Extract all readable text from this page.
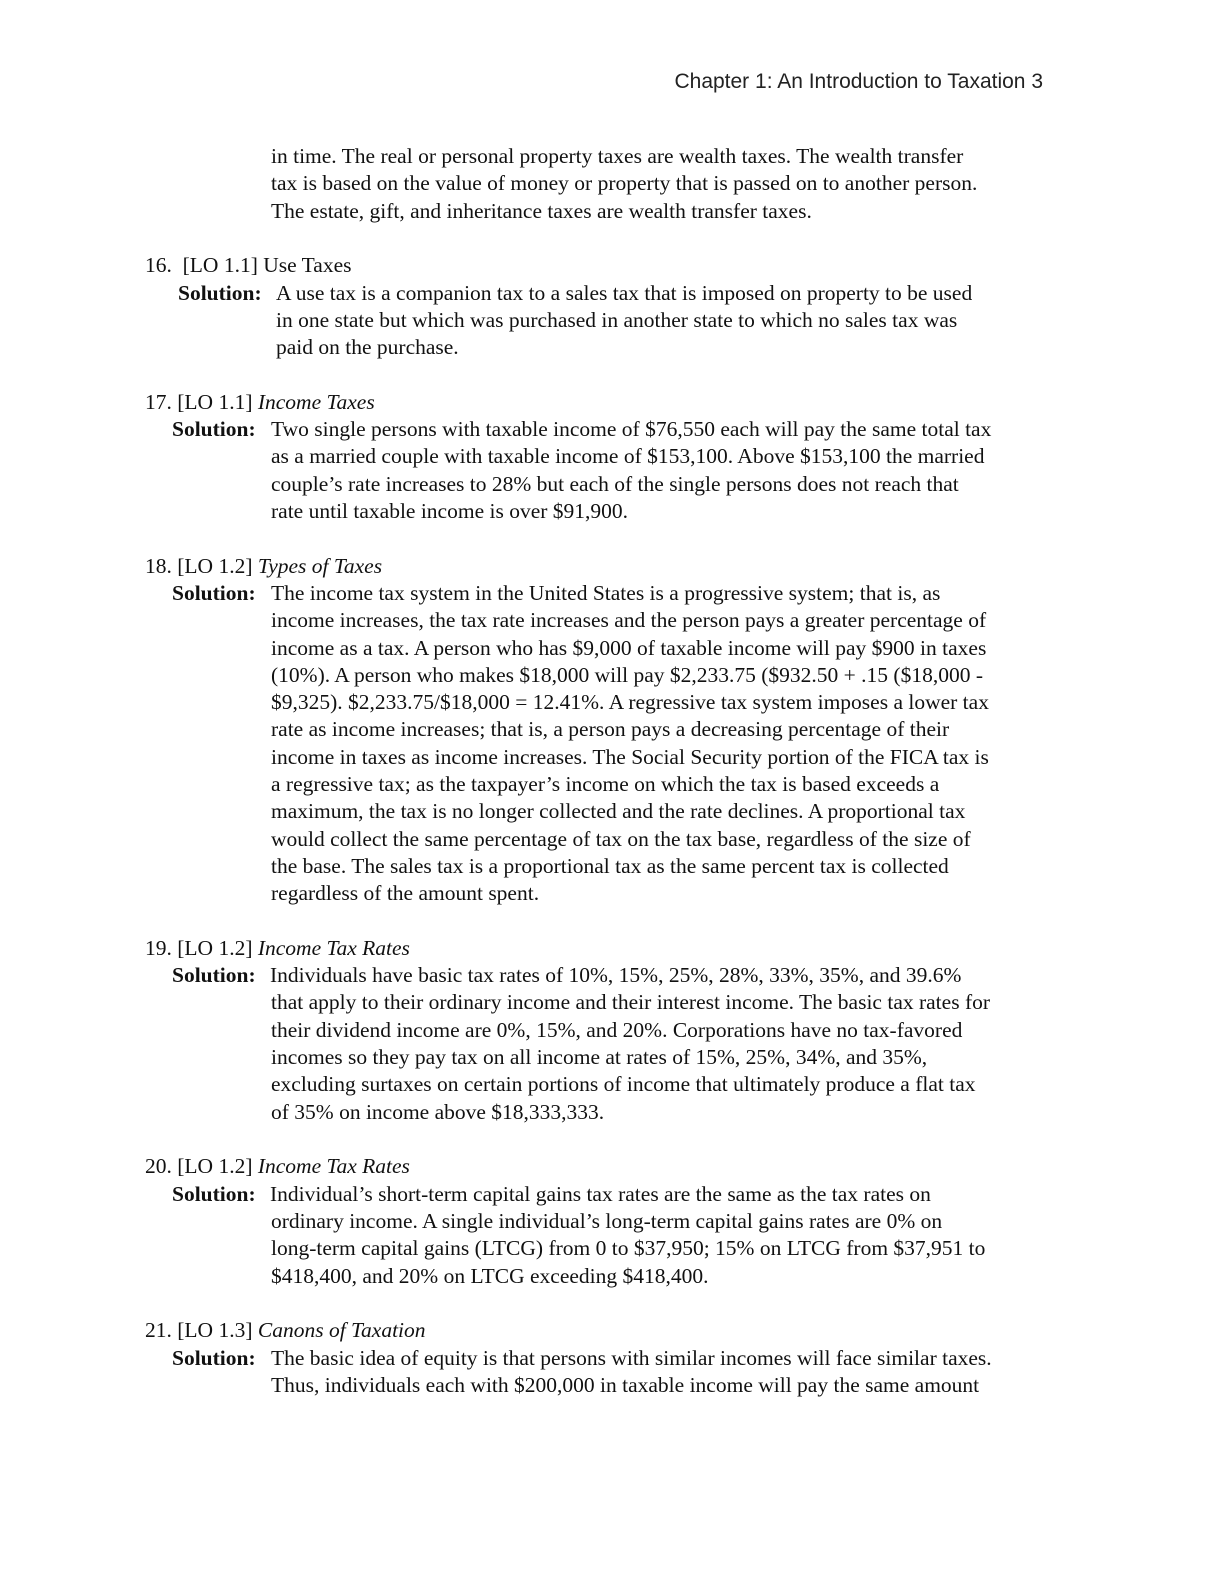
Chapter 1: An Introduction to Taxation 3
in time. The real or personal property taxes are wealth taxes. The wealth transfer
tax is based on the value of money or property that is passed on to another person.
The estate, gift, and inheritance taxes are wealth transfer taxes.
16. [LO 1.1] Use Taxes
Solution: A use tax is a companion tax to a sales tax that is imposed on property to be used
in one state but which was purchased in another state to which no sales tax was
paid on the purchase.
17. [LO 1.1] Income Taxes
Solution: Two single persons with taxable income of $76,550 each will pay the same total tax
as a married couple with taxable income of $153,100. Above $153,100 the married
couple’s rate increases to 28% but each of the single persons does not reach that
rate until taxable income is over $91,900.
18. [LO 1.2] Types of Taxes
Solution: The income tax system in the United States is a progressive system; that is, as
income increases, the tax rate increases and the person pays a greater percentage of
income as a tax. A person who has $9,000 of taxable income will pay $900 in taxes
(10%). A person who makes $18,000 will pay $2,233.75 ($932.50 + .15 ($18,000 -
$9,325). $2,233.75/$18,000 = 12.41%. A regressive tax system imposes a lower tax
rate as income increases; that is, a person pays a decreasing percentage of their
income in taxes as income increases. The Social Security portion of the FICA tax is
a regressive tax; as the taxpayer’s income on which the tax is based exceeds a
maximum, the tax is no longer collected and the rate declines. A proportional tax
would collect the same percentage of tax on the tax base, regardless of the size of
the base. The sales tax is a proportional tax as the same percent tax is collected
regardless of the amount spent.
19. [LO 1.2] Income Tax Rates
Solution: Individuals have basic tax rates of 10%, 15%, 25%, 28%, 33%, 35%, and 39.6%
that apply to their ordinary income and their interest income. The basic tax rates for
their dividend income are 0%, 15%, and 20%. Corporations have no tax-favored
incomes so they pay tax on all income at rates of 15%, 25%, 34%, and 35%,
excluding surtaxes on certain portions of income that ultimately produce a flat tax
of 35% on income above $18,333,333.
20. [LO 1.2] Income Tax Rates
Solution: Individual’s short-term capital gains tax rates are the same as the tax rates on
ordinary income. A single individual’s long-term capital gains rates are 0% on
long-term capital gains (LTCG) from 0 to $37,950; 15% on LTCG from $37,951 to
$418,400, and 20% on LTCG exceeding $418,400.
21. [LO 1.3] Canons of Taxation
Solution: The basic idea of equity is that persons with similar incomes will face similar taxes.
Thus, individuals each with $200,000 in taxable income will pay the same amount
